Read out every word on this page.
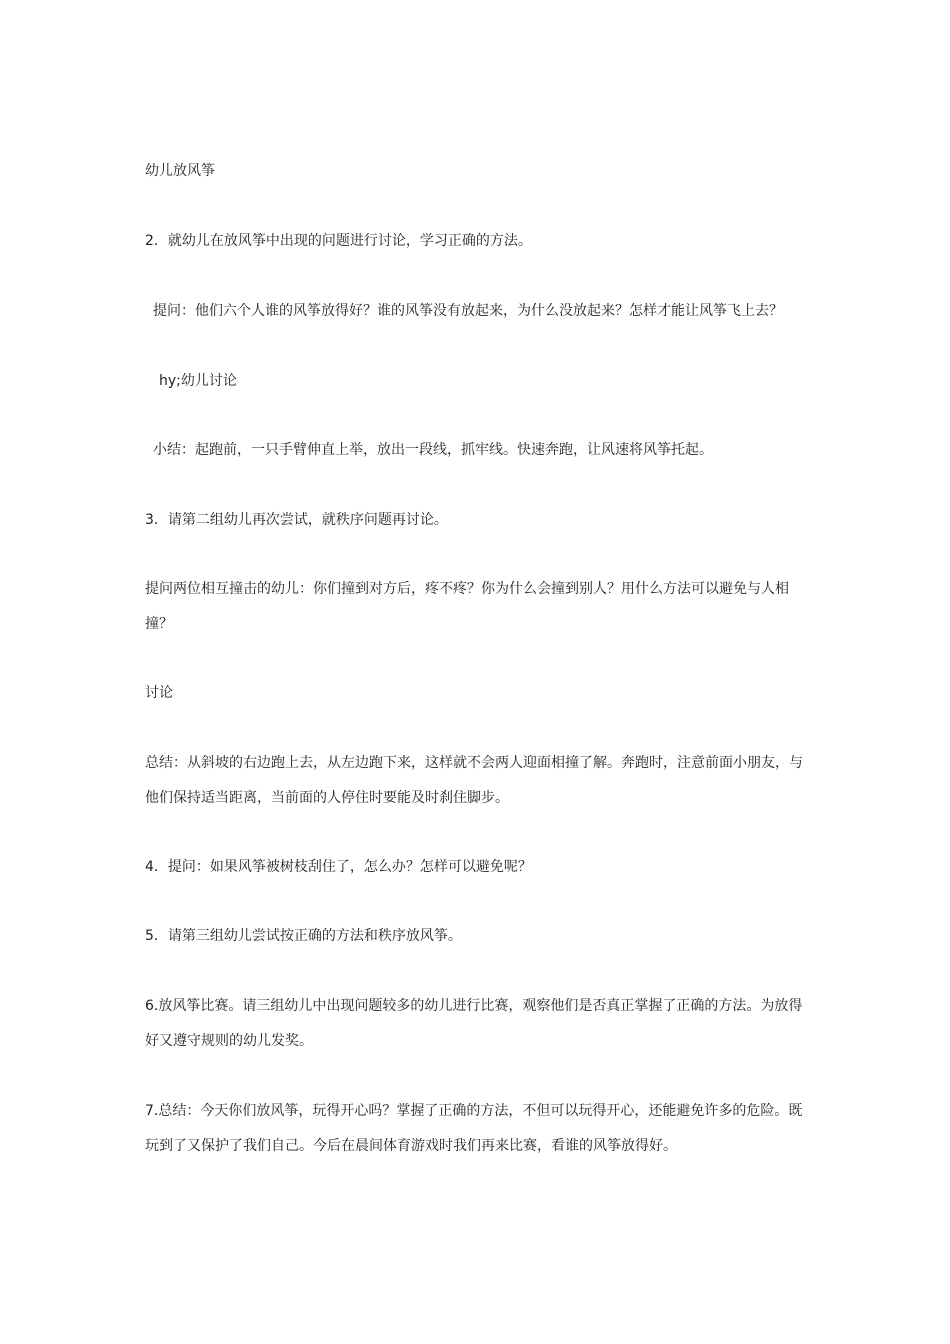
幼儿放风筝

2．就幼儿在放风筝中出现的问题进行讨论，学习正确的方法。

提问：他们六个人谁的风筝放得好？谁的风筝没有放起来，为什么没放起来？怎样才能让风筝飞上去？

hy;幼儿讨论

小结：起跑前，一只手臂伸直上举，放出一段线，抓牢线。快速奔跑，让风速将风筝托起。

3．请第二组幼儿再次尝试，就秩序问题再讨论。

提问两位相互撞击的幼儿：你们撞到对方后，疼不疼？你为什么会撞到别人？用什么方法可以避免与人相撞？

讨论

总结：从斜坡的右边跑上去，从左边跑下来，这样就不会两人迎面相撞了解。奔跑时，注意前面小朋友，与他们保持适当距离，当前面的人停住时要能及时刹住脚步。

4．提问：如果风筝被树枝刮住了，怎么办？怎样可以避免呢？

5．请第三组幼儿尝试按正确的方法和秩序放风筝。

6.放风筝比赛。请三组幼儿中出现问题较多的幼儿进行比赛，观察他们是否真正掌握了正确的方法。为放得好又遵守规则的幼儿发奖。

7.总结：今天你们放风筝，玩得开心吗？掌握了正确的方法，不但可以玩得开心，还能避免许多的危险。既玩到了又保护了我们自己。今后在晨间体育游戏时我们再来比赛，看谁的风筝放得好。
